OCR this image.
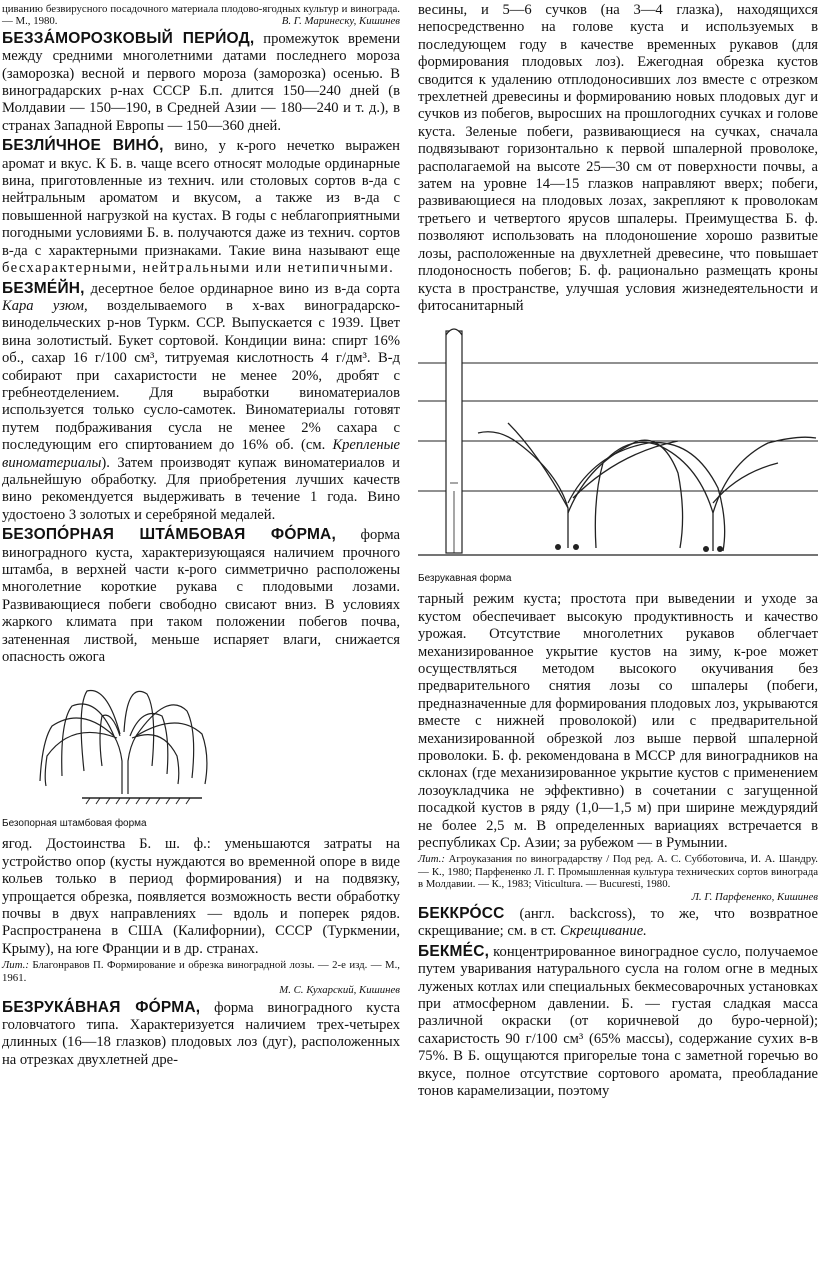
циванию безвирусного посадочного материала плодово-ягодных культур и винограда. — М., 1980.	В. Г. Маринеску, Кишинев

БЕЗЗА́МОРОЗКОВЫЙ ПЕРИ́ОД, промежуток времени между средними многолетними датами последнего мороза (заморозка) весной и первого мороза (заморозка) осенью. В виноградарских р-нах СССР Б.п. длится 150—240 дней (в Молдавии — 150—190, в Средней Азии — 180—240 и т. д.), в странах Западной Европы — 150—360 дней.

БЕЗЛИ́ЧНОЕ ВИНО́, вино, у к-рого нечетко выражен аромат и вкус. К Б. в. чаще всего относят молодые ординарные вина, приготовленные из технич. или столовых сортов в-да с нейтральным ароматом и вкусом, а также из в-да с повышенной нагрузкой на кустах. В годы с неблагоприятными погодными условиями Б. в. получаются даже из технич. сортов в-да с характерными признаками. Такие вина называют еще бесхарактерными, нейтральными или нетипичными.

БЕЗМЕ́ЙН, десертное белое ординарное вино из в-да сорта Кара узюм, возделываемого в х-вах виноградарско-винодельческих р-нов Туркм. ССР. Выпускается с 1939. Цвет вина золотистый. Букет сортовой. Кондиции вина: спирт 16% об., сахар 16 г/100 см³, титруемая кислотность 4 г/дм³. В-д собирают при сахаристости не менее 20%, дробят с гребнеотделением. Для выработки виноматериалов используется только сусло-самотек. Виноматериалы готовят путем подбраживания сусла не менее 2% сахара с последующим его спиртованием до 16% об. (см. Крепленые виноматериалы). Затем производят купаж виноматериалов и дальнейшую обработку. Для приобретения лучших качеств вино рекомендуется выдерживать в течение 1 года. Вино удостоено 3 золотых и серебряной медалей.

БЕЗОПО́РНАЯ ШТА́МБОВАЯ ФО́РМА, форма виноградного куста, характеризующаяся наличием прочного штамба, в верхней части к-рого симметрично расположены многолетние короткие рукава с плодовыми лозами. Развивающиеся побеги свободно свисают вниз. В условиях жаркого климата при таком положении побегов почва, затененная листвой, меньше испаряет влаги, снижается опасность ожога

Безопорная штамбовая форма

ягод. Достоинства Б. ш. ф.: уменьшаются затраты на устройство опор (кусты нуждаются во временной опоре в виде кольев только в период формирования) и на подвязку, упрощается обрезка, появляется возможность вести обработку почвы в двух направлениях — вдоль и поперек рядов. Распространена в США (Калифорнии), СССР (Туркмении, Крыму), на юге Франции и в др. странах.

Лит.: Благонравов П. Формирование и обрезка виноградной лозы. — 2-е изд. — М., 1961.
М. С. Кухарский, Кишинев

БЕЗРУКА́ВНАЯ ФО́РМА, форма виноградного куста головчатого типа. Характеризуется наличием трех-четырех длинных (16—18 глазков) плодовых лоз (дуг), расположенных на отрезках двухлетней дре-

весины, и 5—6 сучков (на 3—4 глазка), находящихся непосредственно на голове куста и используемых в последующем году в качестве временных рукавов (для формирования плодовых лоз). Ежегодная обрезка кустов сводится к удалению отплодоносивших лоз вместе с отрезком трехлетней древесины и формированию новых плодовых дуг и сучков из побегов, выросших на прошлогодних сучках и голове куста. Зеленые побеги, развивающиеся на сучках, сначала подвязывают горизонтально к первой шпалерной проволоке, располагаемой на высоте 25—30 см от поверхности почвы, а затем на уровне 14—15 глазков направляют вверх; побеги, развивающиеся на плодовых лозах, закрепляют к проволокам третьего и четвертого ярусов шпалеры. Преимущества Б. ф. позволяют использовать на плодоношение хорошо развитые лозы, расположенные на двухлетней древесине, что повышает плодоносность побегов; Б. ф. рационально размещать кроны куста в пространстве, улучшая условия жизнедеятельности и фитосанитарный

Безрукавная форма

тарный режим куста; простота при выведении и уходе за кустом обеспечивает высокую продуктивность и качество урожая. Отсутствие многолетних рукавов облегчает механизированное укрытие кустов на зиму, к-рое может осуществляться методом высокого окучивания без предварительного снятия лозы со шпалеры (побеги, предназначенные для формирования плодовых лоз, укрываются вместе с нижней проволокой) или с предварительной механизированной обрезкой лоз выше первой шпалерной проволоки. Б. ф. рекомендована в МССР для виноградников на склонах (где механизированное укрытие кустов с применением лозоукладчика не эффективно) в сочетании с загущенной посадкой кустов в ряду (1,0—1,5 м) при ширине междурядий не более 2,5 м. В определенных вариациях встречается в республиках Ср. Азии; за рубежом — в Румынии.

Лит.: Агроуказания по виноградарству / Под ред. А. С. Субботовича, И. А. Шандру. — К., 1980; Парфененко Л. Г. Промышленная культура технических сортов винограда в Молдавии. — К., 1983; Viticultura. — Bucuresti, 1980.
Л. Г. Парфененко, Кишинев

БЕККРО́СС (англ. backcross), то же, что возвратное скрещивание; см. в ст. Скрещивание.

БЕКМЕ́С, концентрированное виноградное сусло, получаемое путем уваривания натурального сусла на голом огне в медных луженых котлах или специальных бекмесоварочных установках при атмосферном давлении. Б. — густая сладкая масса различной окраски (от коричневой до буро-черной); сахаристость 90 г/100 см³ (65% массы), содержание сухих в-в 75%. В Б. ощущаются пригорелые тона с заметной горечью во вкусе, полное отсутствие сортового аромата, преобладание тонов карамелизации, поэтому
